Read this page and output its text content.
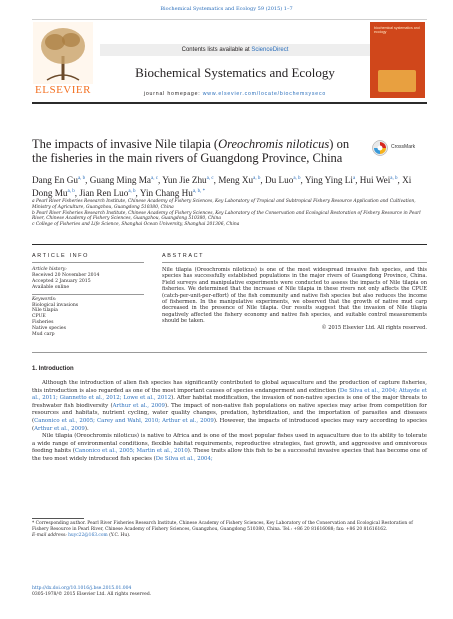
Biochemical Systematics and Ecology 59 (2015) 1–7
ELSEVIER
Contents lists available at ScienceDirect
Biochemical Systematics and Ecology
journal homepage: www.elsevier.com/locate/biochemsyseco
biochemical systematics and ecology
The impacts of invasive Nile tilapia (Oreochromis niloticus) on the fisheries in the main rivers of Guangdong Province, China
CrossMark
Dang En Gu$^{a, b}$, Guang Ming Ma$^{a, c}$, Yun Jie Zhu$^{a, c}$, Meng Xu$^{a, b}$, Du Luo$^{a, b}$, Ying Ying Li$^a$, Hui Wei$^{a, b}$, Xi Dong Mu$^{a, b}$, Jian Ren Luo$^{a, b}$, Yin Chang $Hu^{a, b, *}$
a Pearl River Fisheries Research Institute, Chinese Academy of Fishery Sciences, Key Laboratory of Tropical and Subtropical Fishery Resource Application and Cultivation, Ministry of Agriculture, Guangzhou, Guangdong 510380, China
b Pearl River Fisheries Research Institute, Chinese Academy of Fishery Sciences, Key Laboratory of the Conservation and Ecological Restoration of Fishery Resource in Pearl River, Chinese Academy of Fishery Sciences, Guangzhou, Guangdong 510380, China
c College of Fisheries and Life Science, Shanghai Ocean University, Shanghai 201306, China
ARTICLE INFO	ABSTRACT
Article history:
Received 20 November 2014
Accepted 2 January 2015
Available online
Keywords:
Biological invasions
Nile tilapia
CPUE
Fisheries
Native species
Mud carp

Nile tilapia (Oreochromis niloticus) is one of the most widespread invasive fish species, and this species has successfully established populations in the major rivers of Guangdong Province, China. Field surveys and manipulative experiments were conducted to assess the impacts of Nile tilapia on fisheries. We determined that the increase of Nile tilapia in these rivers not only affects the CPUE (catch-per-unit-per-effort) of the fish community and native fish species but also reduces the income of fishermen. In the manipulative experiments, we observed that the growth of native mud carp decreased in the presence of Nile tilapia. Our results suggest that the invasion of Nile tilapia negatively affected the fishery economy and native fish species, and suitable control measurements should be taken.

© 2015 Elsevier Ltd. All rights reserved.
1. Introduction

Although the introduction of alien fish species has significantly contributed to global aquaculture and the production of capture fisheries, this introduction is also regarded as one of the most important causes of species endangerment and extinction (De Silva et al., 2004; Attayde et al., 2011; Giannetto et al., 2012; Lowe et al., 2012). After habitat modification, the invasion of non-native species is one of the major threats to freshwater fish biodiversity (Arthur et al., 2009). The impact of non-native fish populations on native species may arise from competition for resources and habitats, nutrient cycling, water quality changes, predation, hybridization, and the importation of parasites and diseases (Canonico et al., 2005; Carey and Wahl, 2010; Arthur et al., 2009). However, the impacts of introduced species may vary according to species (Arthur et al., 2009).

Nile tilapia (Oreochromis niloticus) is native to Africa and is one of the most popular fishes used in aquaculture due to its ability to tolerate a wide range of environmental conditions, flexible habitat requirements, reproductive strategies, fast growth, and aggressive and omnivorous feeding habits (Canonico et al., 2005; Martin et al., 2010). These traits allow this fish to be a successful invasive species that has become one of the two most widely introduced fish species (De Silva et al., 2004;

* Corresponding author. Pearl River Fisheries Research Institute, Chinese Academy of Fishery Sciences, Key Laboratory of the Conservation and Ecological Restoration of Fishery Resource in Pearl River, Chinese Academy of Fishery Sciences, Guangzhou, Guangdong 510380, China. Tel.: +86 20 81616088; fax: +86 20 81616162.
E-mail address: huyc22@163.com (Y.C. Hu).
http://dx.doi.org/10.1016/j.bse.2015.01.004
0305-1978/© 2015 Elsevier Ltd. All rights reserved.
